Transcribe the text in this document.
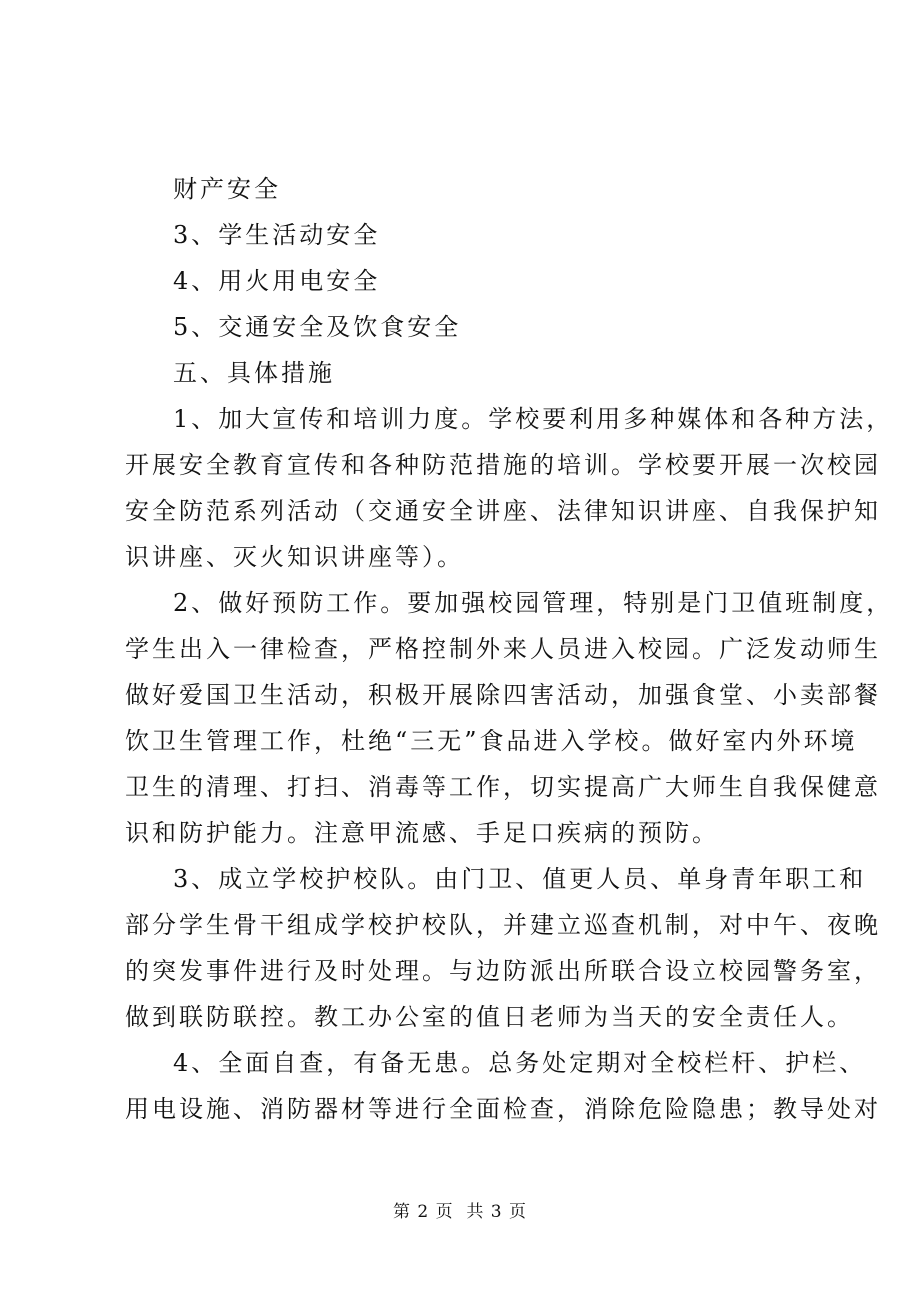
财产安全

3、学生活动安全

4、用火用电安全

5、交通安全及饮食安全

五、具体措施

1、加大宣传和培训力度。学校要利用多种媒体和各种方法，
开展安全教育宣传和各种防范措施的培训。学校要开展一次校园
安全防范系列活动（交通安全讲座、法律知识讲座、自我保护知
识讲座、灭火知识讲座等）。
2、做好预防工作。要加强校园管理，特别是门卫值班制度，
学生出入一律检查，严格控制外来人员进入校园。广泛发动师生
做好爱国卫生活动，积极开展除四害活动，加强食堂、小卖部餐
饮卫生管理工作，杜绝“三无”食品进入学校。做好室内外环境
卫生的清理、打扫、消毒等工作，切实提高广大师生自我保健意
识和防护能力。注意甲流感、手足口疾病的预防。
3、成立学校护校队。由门卫、值更人员、单身青年职工和
部分学生骨干组成学校护校队，并建立巡查机制，对中午、夜晚
的突发事件进行及时处理。与边防派出所联合设立校园警务室，
做到联防联控。教工办公室的值日老师为当天的安全责任人。
4、全面自查，有备无患。总务处定期对全校栏杆、护栏、
用电设施、消防器材等进行全面检查，消除危险隐患；教导处对
第 2 页  共 3 页
